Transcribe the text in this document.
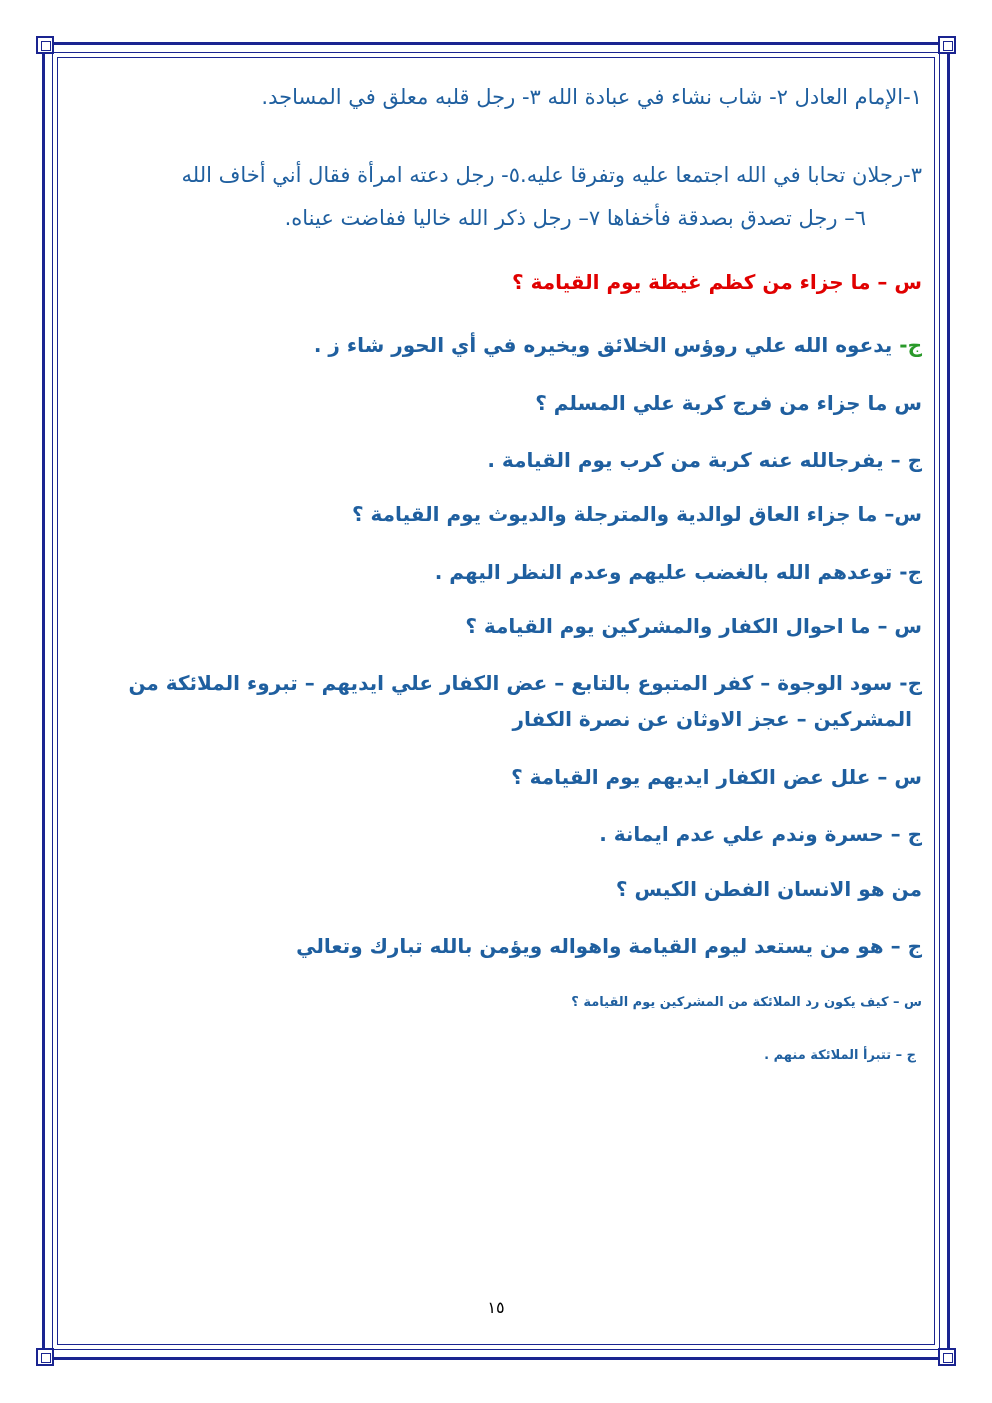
١-الإمام العادل ٢- شاب نشاء في عبادة الله ٣- رجل قلبه معلق في المساجد.
٣-رجلان تحابا في الله اجتمعا عليه وتفرقا عليه.٥- رجل دعته امرأة فقال أني أخاف الله
٦– رجل تصدق بصدقة فأخفاها ٧– رجل ذكر الله خاليا ففاضت عيناه.
س – ما جزاء من كظم غيظة يوم القيامة ؟
ج- يدعوه الله علي روؤس الخلائق ويخيره في أي الحور شاء ز .
س ما جزاء من فرج كربة علي المسلم ؟
ج – يفرجالله عنه كربة من كرب يوم القيامة .
س– ما جزاء العاق لوالدية والمترجلة والديوث يوم القيامة ؟
ج- توعدهم الله بالغضب عليهم وعدم النظر اليهم .
س – ما احوال الكفار والمشركين يوم القيامة ؟
ج- سود الوجوة – كفر المتبوع بالتابع – عض الكفار علي ايديهم – تبروء الملائكة من
المشركين – عجز الاوثان عن نصرة الكفار
س – علل عض الكفار ايديهم يوم القيامة ؟
ج – حسرة وندم علي عدم ايمانة .
من هو الانسان الفطن الكيس ؟
ج – هو من يستعد ليوم القيامة واهواله ويؤمن بالله تبارك وتعالي
س – كيف يكون رد الملائكة من المشركين يوم القيامة ؟
ج – تتبرأ الملائكة منهم .
١٥
